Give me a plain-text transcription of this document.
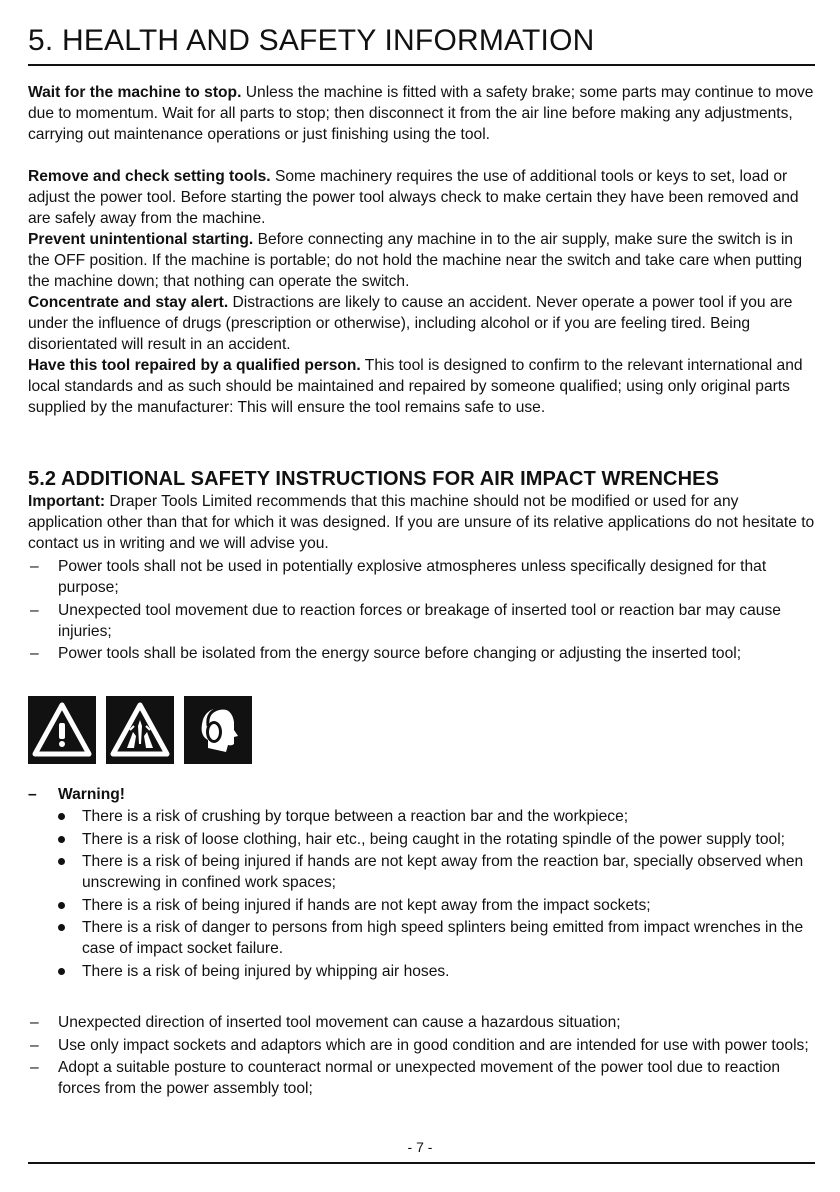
5. HEALTH AND SAFETY INFORMATION

Wait for the machine to stop. Unless the machine is fitted with a safety brake; some parts may continue to move due to momentum. Wait for all parts to stop; then disconnect it from the air line before making any adjustments, carrying out maintenance operations or just finishing using the tool.

Remove and check setting tools. Some machinery requires the use of additional tools or keys to set, load or adjust the power tool. Before starting the power tool always check to make certain they have been removed and are safely away from the machine.

Prevent unintentional starting. Before connecting any machine in to the air supply, make sure the switch is in the OFF position. If the machine is portable; do not hold the machine near the switch and take care when putting the machine down; that nothing can operate the switch.

Concentrate and stay alert. Distractions are likely to cause an accident. Never operate a power tool if you are under the influence of drugs (prescription or otherwise), including alcohol or if you are feeling tired. Being disorientated will result in an accident.

Have this tool repaired by a qualified person. This tool is designed to confirm to the relevant international and local standards and as such should be maintained and repaired by someone qualified; using only original parts supplied by the manufacturer: This will ensure the tool remains safe to use.

5.2 ADDITIONAL SAFETY INSTRUCTIONS FOR AIR IMPACT WRENCHES

Important: Draper Tools Limited recommends that this machine should not be modified or used for any application other than that for which it was designed. If you are unsure of its relative applications do not hesitate to contact us in writing and we will advise you.

– Power tools shall not be used in potentially explosive atmospheres unless specifically designed for that purpose;
– Unexpected tool movement due to reaction forces or breakage of inserted tool or reaction bar may cause injuries;
– Power tools shall be isolated from the energy source before changing or adjusting the inserted tool;
– Warning!
There is a risk of crushing by torque between a reaction bar and the workpiece;
There is a risk of loose clothing, hair etc., being caught in the rotating spindle of the power supply tool;
There is a risk of being injured if hands are not kept away from the reaction bar, specially observed when unscrewing in confined work spaces;
There is a risk of being injured if hands are not kept away from the impact sockets;
There is a risk of danger to persons from high speed splinters being emitted from impact wrenches in the case of impact socket failure.
There is a risk of being injured by whipping air hoses.
– Unexpected direction of inserted tool movement can cause a hazardous situation;
– Use only impact sockets and adaptors which are in good condition and are intended for use with power tools;
– Adopt a suitable posture to counteract normal or unexpected movement of the power tool due to reaction forces from the power assembly tool;
- 7 -
